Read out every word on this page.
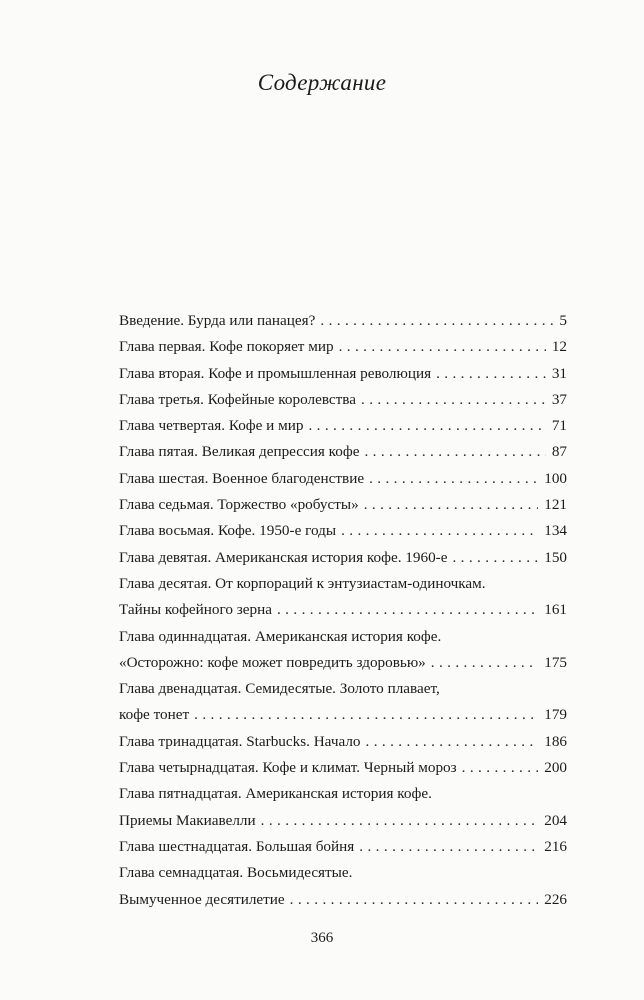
Содержание
Введение. Бурда или панацея? .....	5
Глава первая. Кофе покоряет мир .....	12
Глава вторая. Кофе и промышленная революция .....	31
Глава третья. Кофейные королевства .....	37
Глава четвертая. Кофе и мир .....	71
Глава пятая. Великая депрессия кофе .....	87
Глава шестая. Военное благоденствие .....	100
Глава седьмая. Торжество «робусты» .....	121
Глава восьмая. Кофе. 1950-е годы .....	134
Глава девятая. Американская история кофе. 1960-е .....	150
Глава десятая. От корпораций к энтузиастам-одиночкам.
Тайны кофейного зерна .....	161
Глава одиннадцатая. Американская история кофе.
«Осторожно: кофе может повредить здоровью» .....	175
Глава двенадцатая. Семидесятые. Золото плавает,
кофе тонет .....	179
Глава тринадцатая. Starbucks. Начало .....	186
Глава четырнадцатая. Кофе и климат. Черный мороз .....	200
Глава пятнадцатая. Американская история кофе.
Приемы Макиавелли .....	204
Глава шестнадцатая. Большая бойня .....	216
Глава семнадцатая. Восьмидесятые.
Вымученное десятилетие .....	226
366
